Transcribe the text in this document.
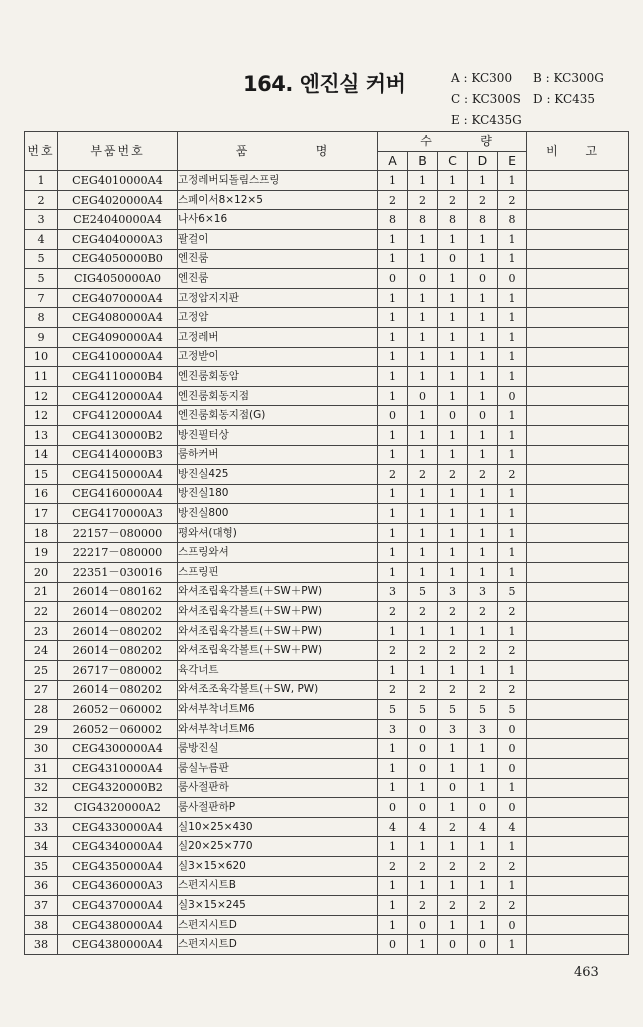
164. 엔진실 커버	A : KC300 B : KC300G
C : KC300S D : KC435
E : KC435G
번호	부품번호	품 명	수 량					비 고
			A	B	C	D	E	
1	CEG4010000A4	고정레버되돌림스프링	1	1	1	1	1	
2	CEG4020000A4	스페이서8×12×5	2	2	2	2	2	
3	CE24040000A4	나사6×16	8	8	8	8	8	
4	CEG4040000A3	팔걸이	1	1	1	1	1	
5	CEG4050000B0	엔진룸	1	1	0	1	1	
5	CIG4050000A0	엔진룸	0	0	1	0	0	
7	CEG4070000A4	고정암지지판	1	1	1	1	1	
8	CEG4080000A4	고정암	1	1	1	1	1	
9	CEG4090000A4	고정레버	1	1	1	1	1	
10	CEG4100000A4	고정받이	1	1	1	1	1	
11	CEG4110000B4	엔진룸회동암	1	1	1	1	1	
12	CEG4120000A4	엔진룸회동지점	1	0	1	1	0	
12	CFG4120000A4	엔진룸회동지점(G)	0	1	0	0	1	
13	CEG4130000B2	방진필터상	1	1	1	1	1	
14	CEG4140000B3	룸하커버	1	1	1	1	1	
15	CEG4150000A4	방진실425	2	2	2	2	2	
16	CEG4160000A4	방진실180	1	1	1	1	1	
17	CEG4170000A3	방진실800	1	1	1	1	1	
18	22157－080000	평와셔(대형)	1	1	1	1	1	
19	22217－080000	스프링와셔	1	1	1	1	1	
20	22351－030016	스프링핀	1	1	1	1	1	
21	26014－080162	와셔조립육각볼트(＋SW＋PW)	3	5	3	3	5	
22	26014－080202	와셔조립육각볼트(＋SW＋PW)	2	2	2	2	2	
23	26014－080202	와셔조립육각볼트(＋SW＋PW)	1	1	1	1	1	
24	26014－080202	와셔조립육각볼트(＋SW＋PW)	2	2	2	2	2	
25	26717－080002	육각너트	1	1	1	1	1	
27	26014－080202	와셔조조육각볼트(＋SW, PW)	2	2	2	2	2	
28	26052－060002	와셔부착너트M6	5	5	5	5	5	
29	26052－060002	와셔부착너트M6	3	0	3	3	0	
30	CEG4300000A4	룸방진실	1	0	1	1	0	
31	CEG4310000A4	룸실누름판	1	0	1	1	0	
32	CEG4320000B2	룸사절판하	1	1	0	1	1	
32	CIG4320000A2	룸사절판하P	0	0	1	0	0	
33	CEG4330000A4	실10×25×430	4	4	2	4	4	
34	CEG4340000A4	실20×25×770	1	1	1	1	1	
35	CEG4350000A4	실3×15×620	2	2	2	2	2	
36	CEG4360000A3	스펀지시트B	1	1	1	1	1	
37	CEG4370000A4	실3×15×245	1	2	2	2	2	
38	CEG4380000A4	스펀지시트D	1	0	1	1	0	
38	CEG4380000A4	스펀지시트D	0	1	0	0	1	
463
